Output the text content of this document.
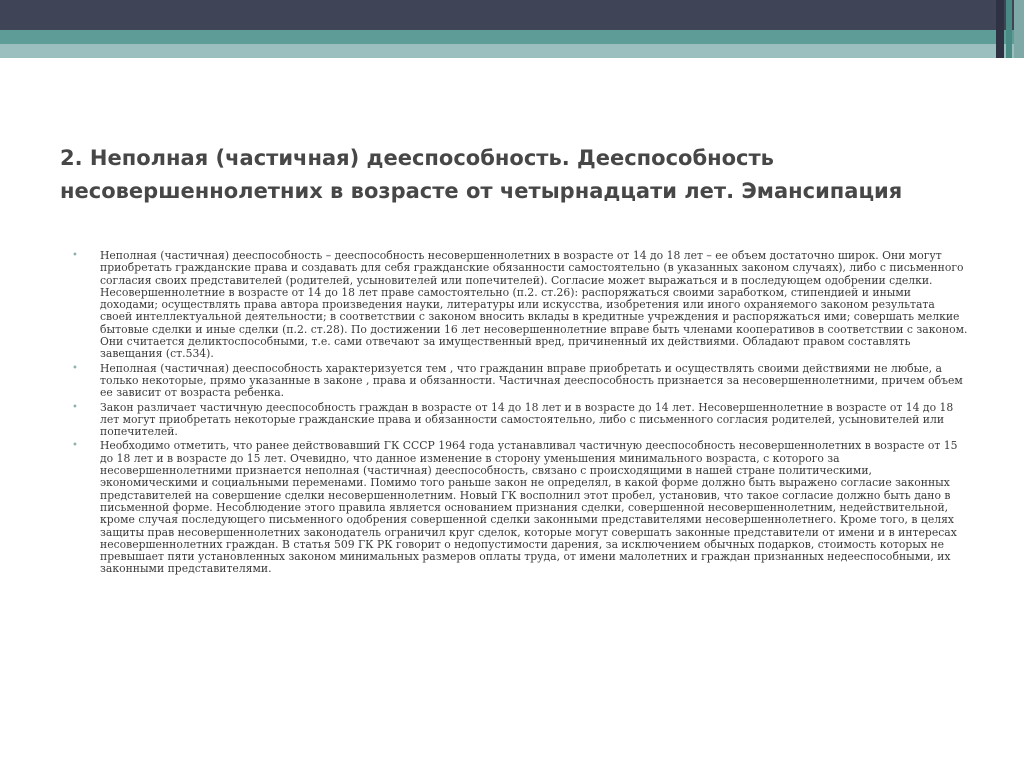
2. Неполная (частичная) дееспособность. Дееспособность несовершеннолетних в возрасте от четырнадцати лет. Эмансипация
• Неполная (частичная) дееспособность – дееспособность несовершеннолетних в возрасте от 14 до 18 лет – ее объем достаточно широк. Они могут приобретать гражданские права и создавать для себя гражданские обязанности самостоятельно (в указанных законом случаях), либо с письменного согласия своих представителей (родителей, усыновителей или попечителей). Согласие может выражаться и в последующем одобрении сделки. Несовершеннолетние в возрасте от 14 до 18 лет праве самостоятельно (п.2. ст.26): распоряжаться своими заработком, стипендией и иными доходами; осуществлять права автора произведения науки, литературы или искусства, изобретения или иного охраняемого законом результата своей интеллектуальной деятельности; в соответствии с законом вносить вклады в кредитные учреждения и распоряжаться ими; совершать мелкие бытовые сделки и иные сделки (п.2. ст.28). По достижении 16 лет несовершеннолетние вправе быть членами кооперативов в соответствии с законом. Они считается деликтоспособными, т.е. сами отвечают за имущественный вред, причиненный их действиями. Обладают правом составлять завещания (ст.534).
• Неполная (частичная) дееспособность характеризуется тем , что гражданин вправе приобретать и осуществлять своими действиями не любые, а только некоторые, прямо указанные в законе , права и обязанности. Частичная дееспособность признается за несовершеннолетними, причем объем ее зависит от возраста ребенка.
• Закон различает частичную дееспособность граждан в возрасте от 14 до 18 лет и в возрасте до 14 лет. Несовершеннолетние в возрасте от 14 до 18 лет могут приобретать некоторые гражданские права и обязанности самостоятельно, либо с письменного согласия родителей, усыновителей или попечителей.
• Необходимо отметить, что ранее действовавший ГК СССР 1964 года устанавливал частичную дееспособность несовершеннолетних в возрасте от 15 до 18 лет и в возрасте до 15 лет. Очевидно, что данное изменение в сторону уменьшения минимального возраста, с которого за несовершеннолетними признается неполная (частичная) дееспособность, связано с происходящими в нашей стране политическими, экономическими и социальными переменами. Помимо того раньше закон не определял, в какой форме должно быть выражено согласие законных представителей на совершение сделки несовершеннолетним. Новый ГК восполнил этот пробел, установив, что такое согласие должно быть дано в письменной форме. Несоблюдение этого правила является основанием признания сделки, совершенной несовершеннолетним, недействительной, кроме случая последующего письменного одобрения совершенной сделки законными представителями несовершеннолетнего. Кроме того, в целях защиты прав несовершеннолетних законодатель ограничил круг сделок, которые могут совершать законные представители от имени и в интересах несовершеннолетних граждан. В статья 509 ГК РК говорит о недопустимости дарения, за исключением обычных подарков, стоимость которых не превышает пяти установленных законом минимальных размеров оплаты труда, от имени малолетних и граждан признанных недееспособными, их законными представителями.
